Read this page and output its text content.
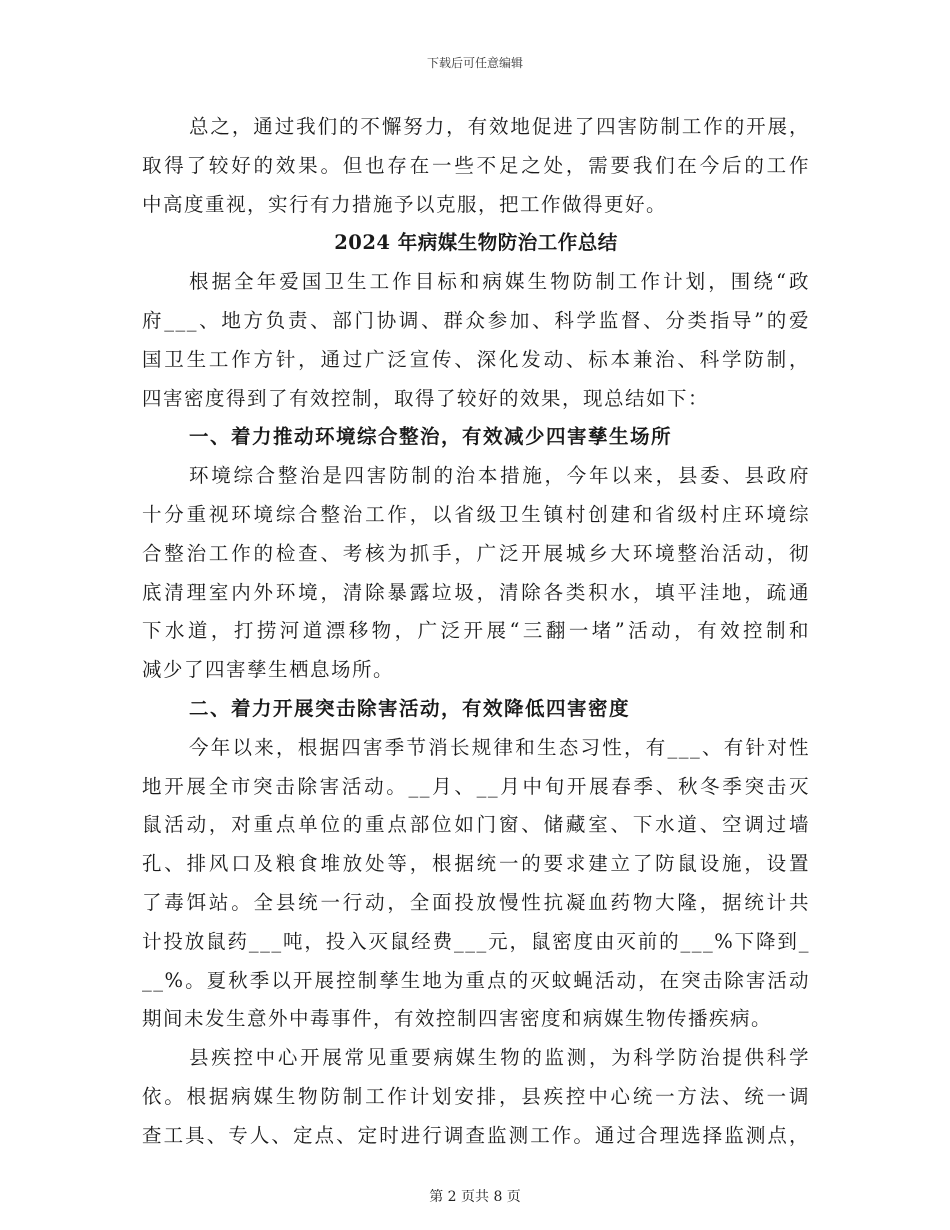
下载后可任意编辑
总之，通过我们的不懈努力，有效地促进了四害防制工作的开展，
取得了较好的效果。但也存在一些不足之处，需要我们在今后的工作
中高度重视，实行有力措施予以克服，把工作做得更好。
2024 年病媒生物防治工作总结
根据全年爱国卫生工作目标和病媒生物防制工作计划，围绕“政
府___、地方负责、部门协调、群众参加、科学监督、分类指导”的爱
国卫生工作方针，通过广泛宣传、深化发动、标本兼治、科学防制，
四害密度得到了有效控制，取得了较好的效果，现总结如下：
一、着力推动环境综合整治，有效减少四害孳生场所
环境综合整治是四害防制的治本措施，今年以来，县委、县政府
十分重视环境综合整治工作，以省级卫生镇村创建和省级村庄环境综
合整治工作的检查、考核为抓手，广泛开展城乡大环境整治活动，彻
底清理室内外环境，清除暴露垃圾，清除各类积水，填平洼地，疏通
下水道，打捞河道漂移物，广泛开展“三翻一堵”活动，有效控制和
减少了四害孳生栖息场所。
二、着力开展突击除害活动，有效降低四害密度
今年以来，根据四害季节消长规律和生态习性，有___、有针对性
地开展全市突击除害活动。__月、__月中旬开展春季、秋冬季突击灭
鼠活动，对重点单位的重点部位如门窗、储藏室、下水道、空调过墙
孔、排风口及粮食堆放处等，根据统一的要求建立了防鼠设施，设置
了毒饵站。全县统一行动，全面投放慢性抗凝血药物大隆，据统计共
计投放鼠药___吨，投入灭鼠经费___元，鼠密度由灭前的___%下降到_
__%。夏秋季以开展控制孳生地为重点的灭蚊蝇活动，在突击除害活动
期间未发生意外中毒事件，有效控制四害密度和病媒生物传播疾病。
县疾控中心开展常见重要病媒生物的监测，为科学防治提供科学
依。根据病媒生物防制工作计划安排，县疾控中心统一方法、统一调
查工具、专人、定点、定时进行调查监测工作。通过合理选择监测点，
第 2 页共 8 页
